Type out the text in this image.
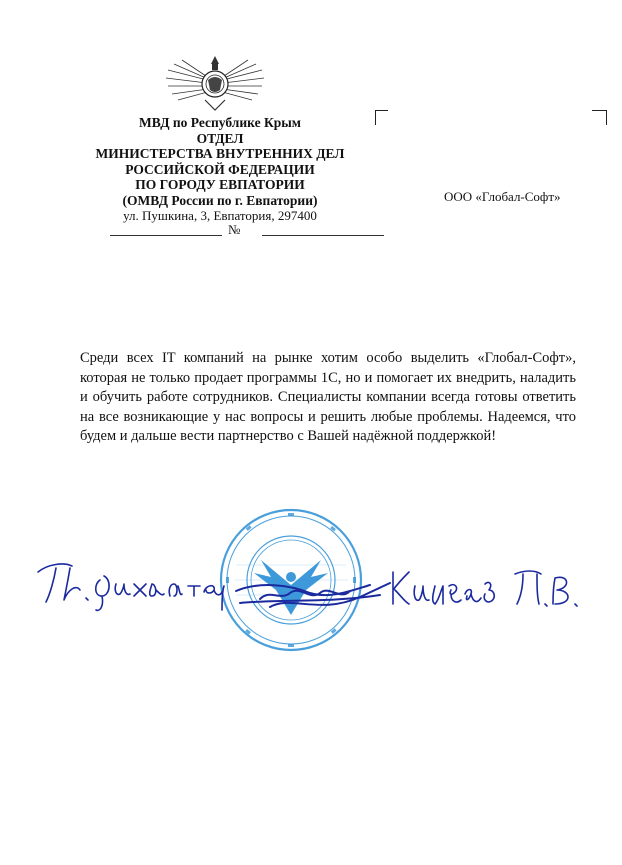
МВД по Республике Крым
ОТДЕЛ
МИНИСТЕРСТВА ВНУТРЕННИХ ДЕЛ
РОССИЙСКОЙ ФЕДЕРАЦИИ
ПО ГОРОДУ ЕВПАТОРИИ
(ОМВД России по г. Евпатории)
ул. Пушкина, 3, Евпатория, 297400
№
ООО «Глобал-Софт»
Среди всех IT компаний на рынке хотим особо выделить «Глобал-Софт», которая не только продает программы 1С, но и помогает их внедрить, наладить и обучить работе сотрудников. Специалисты компании всегда готовы ответить на все возникающие у нас вопросы и решить любые проблемы. Надеемся, что будем и дальше вести партнерство с Вашей надёжной поддержкой!
